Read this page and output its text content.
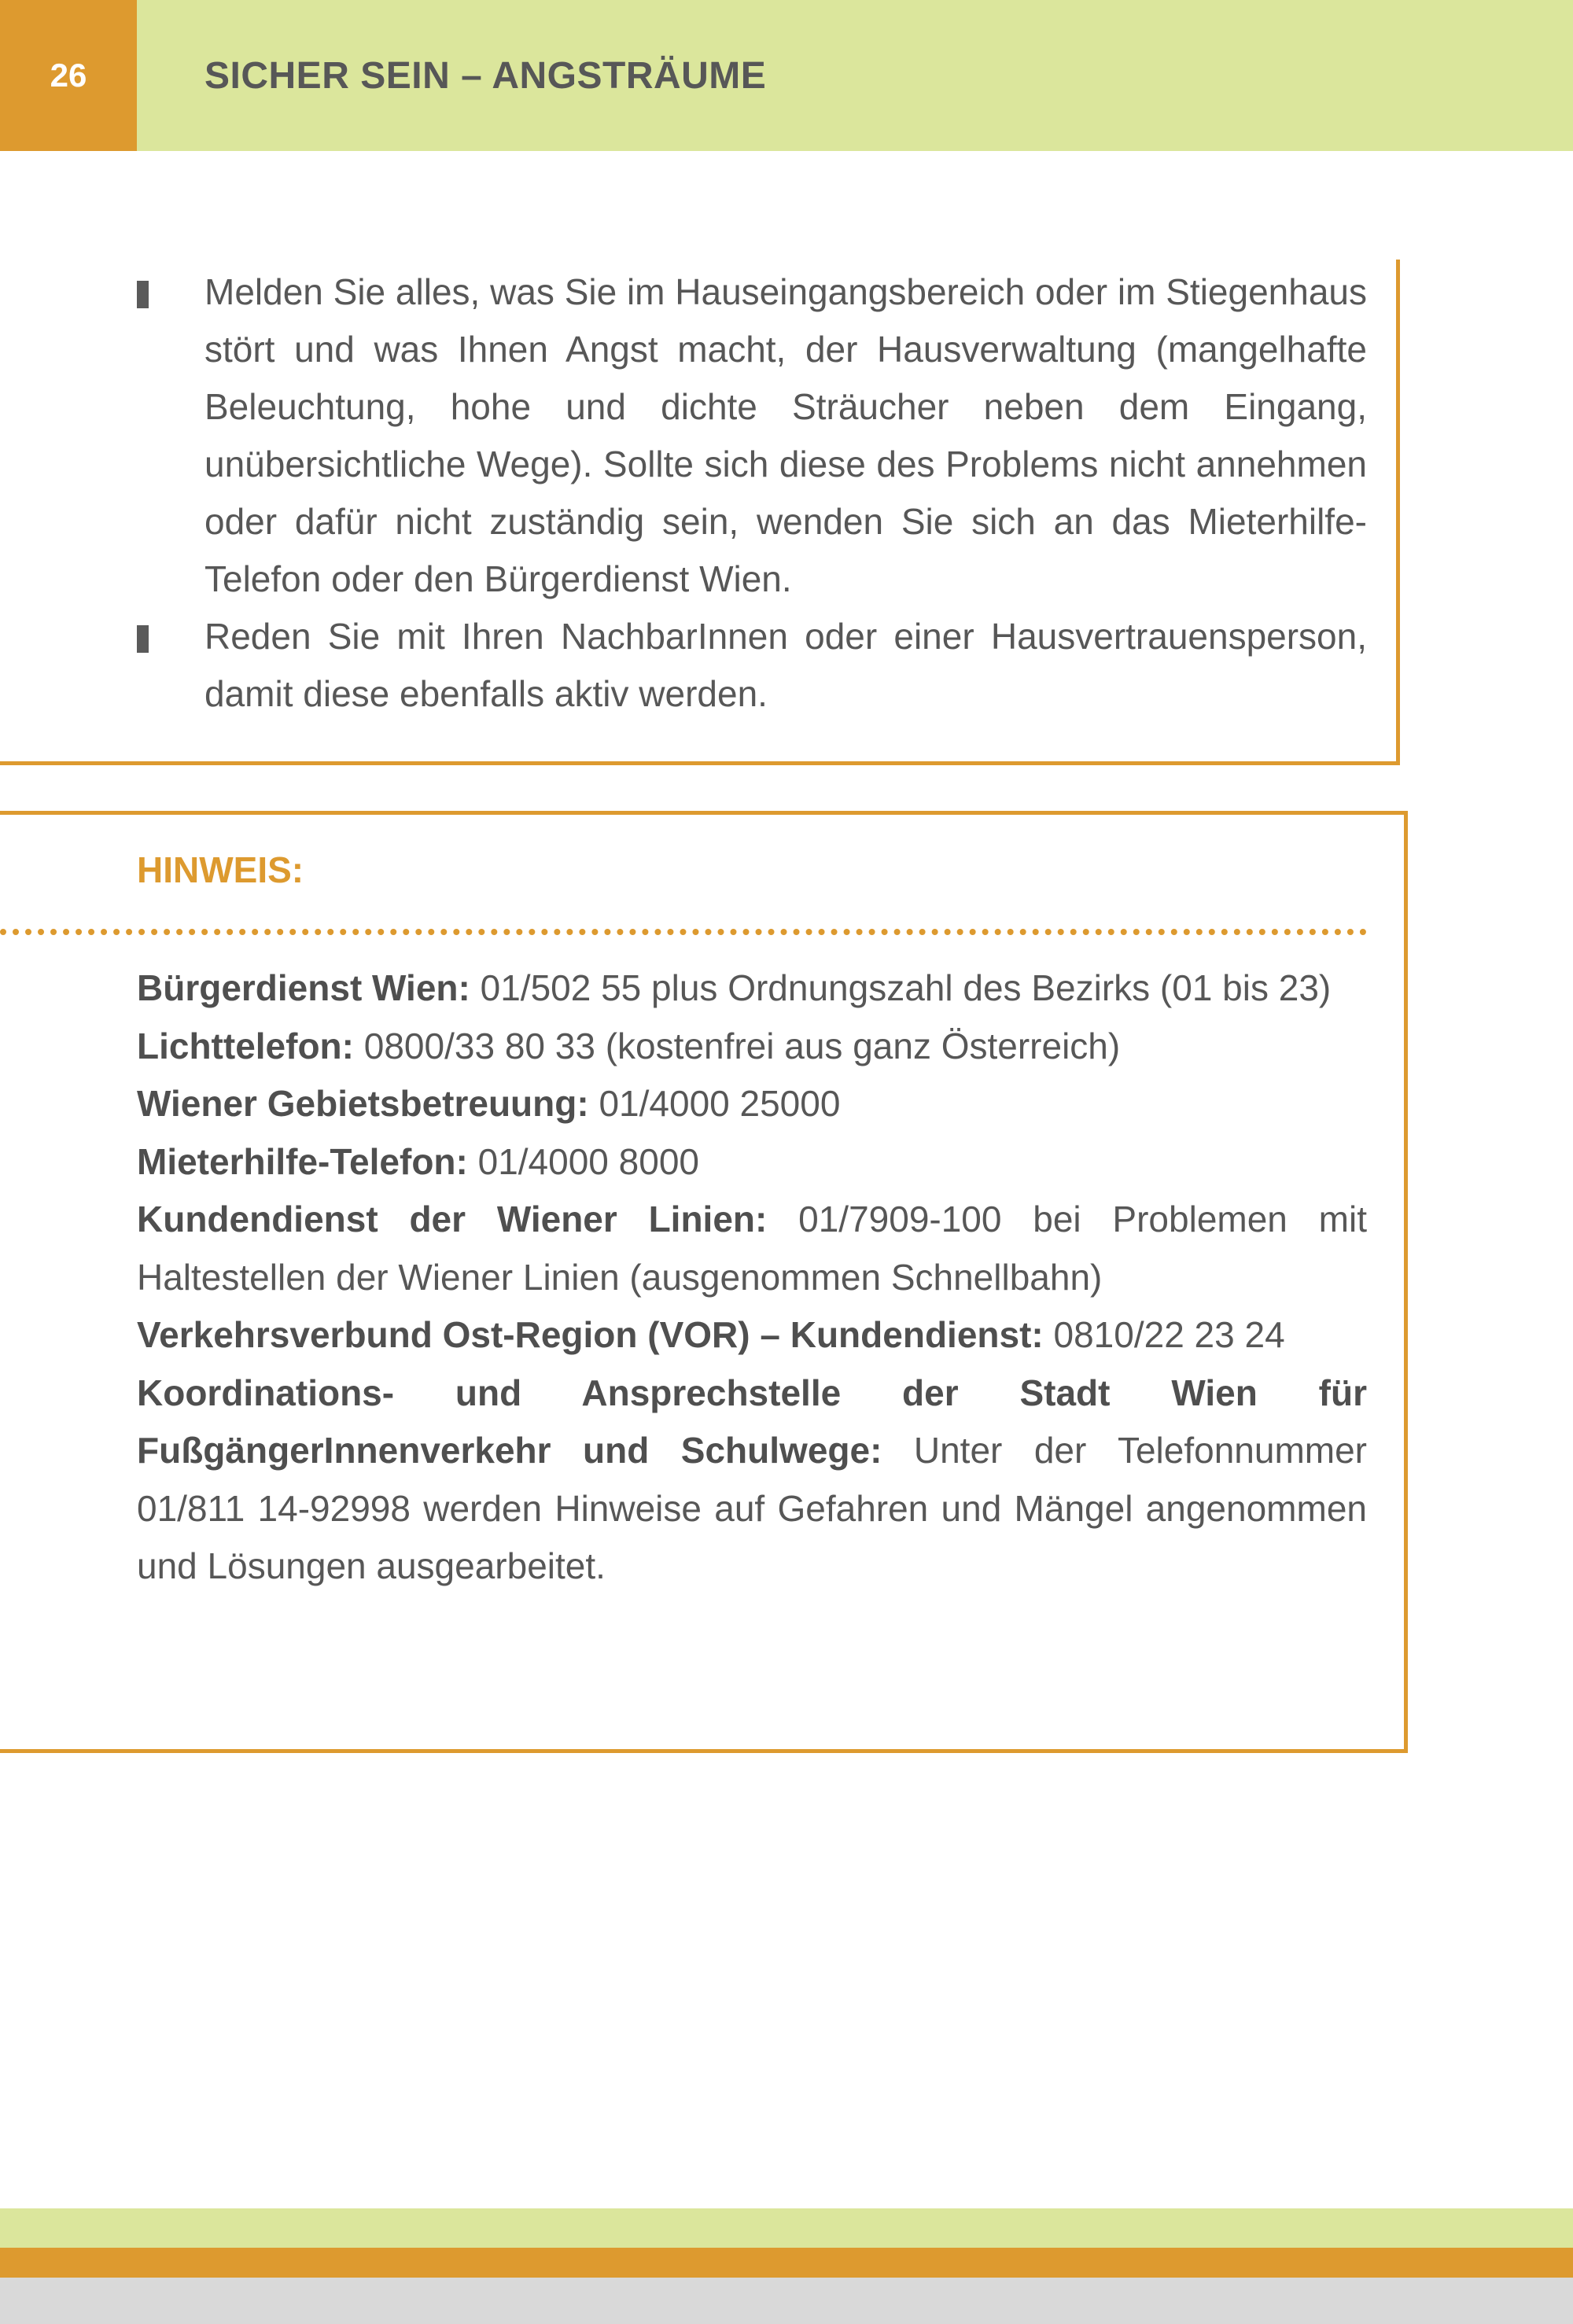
26	SICHER SEIN – ANGSTRÄUME
Melden Sie alles, was Sie im Hauseingangsbereich oder im Stiegenhaus stört und was Ihnen Angst macht, der Hausverwaltung (mangelhafte Beleuchtung, hohe und dichte Sträucher neben dem Eingang, unübersichtliche Wege). Sollte sich diese des Problems nicht annehmen oder dafür nicht zuständig sein, wenden Sie sich an das Mieterhilfe-Telefon oder den Bürgerdienst Wien.
Reden Sie mit Ihren NachbarInnen oder einer Hausvertrauensperson, damit diese ebenfalls aktiv werden.
HINWEIS:

Bürgerdienst Wien: 01/502 55 plus Ordnungszahl des Bezirks (01 bis 23)

Lichttelefon: 0800/33 80 33 (kostenfrei aus ganz Österreich)

Wiener Gebietsbetreuung: 01/4000 25000

Mieterhilfe-Telefon: 01/4000 8000

Kundendienst der Wiener Linien: 01/7909-100 bei Problemen mit Haltestellen der Wiener Linien (ausgenommen Schnellbahn)

Verkehrsverbund Ost-Region (VOR) – Kundendienst: 0810/22 23 24

Koordinations- und Ansprechstelle der Stadt Wien für FußgängerInnenverkehr und Schulwege: Unter der Telefonnummer 01/811 14-92998 werden Hinweise auf Gefahren und Mängel angenommen und Lösungen ausgearbeitet.
